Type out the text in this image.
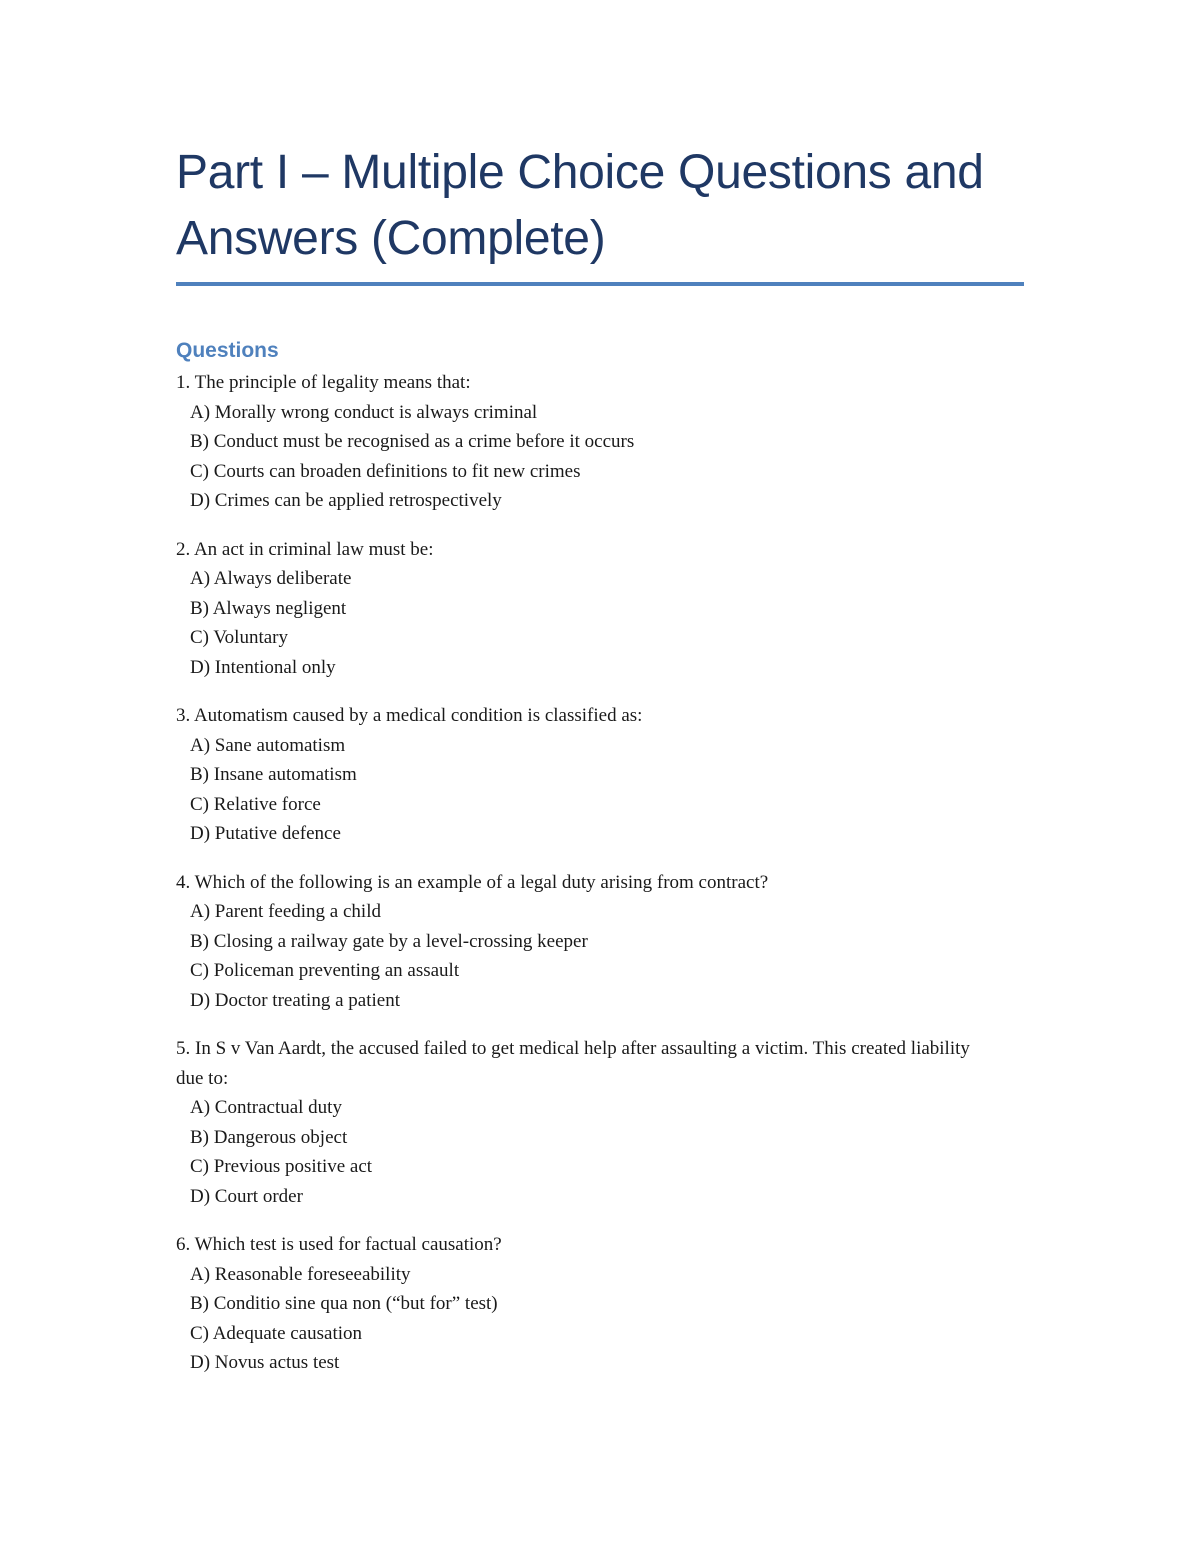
Part I – Multiple Choice Questions and Answers (Complete)
Questions

1. The principle of legality means that:

A) Morally wrong conduct is always criminal

B) Conduct must be recognised as a crime before it occurs

C) Courts can broaden definitions to fit new crimes

D) Crimes can be applied retrospectively

2. An act in criminal law must be:

A) Always deliberate

B) Always negligent

C) Voluntary

D) Intentional only

3. Automatism caused by a medical condition is classified as:

A) Sane automatism

B) Insane automatism

C) Relative force

D) Putative defence

4. Which of the following is an example of a legal duty arising from contract?

A) Parent feeding a child

B) Closing a railway gate by a level-crossing keeper

C) Policeman preventing an assault

D) Doctor treating a patient

5. In S v Van Aardt, the accused failed to get medical help after assaulting a victim. This created liability due to:

A) Contractual duty

B) Dangerous object

C) Previous positive act

D) Court order

6. Which test is used for factual causation?

A) Reasonable foreseeability

B) Conditio sine qua non (“but for” test)

C) Adequate causation

D) Novus actus test
